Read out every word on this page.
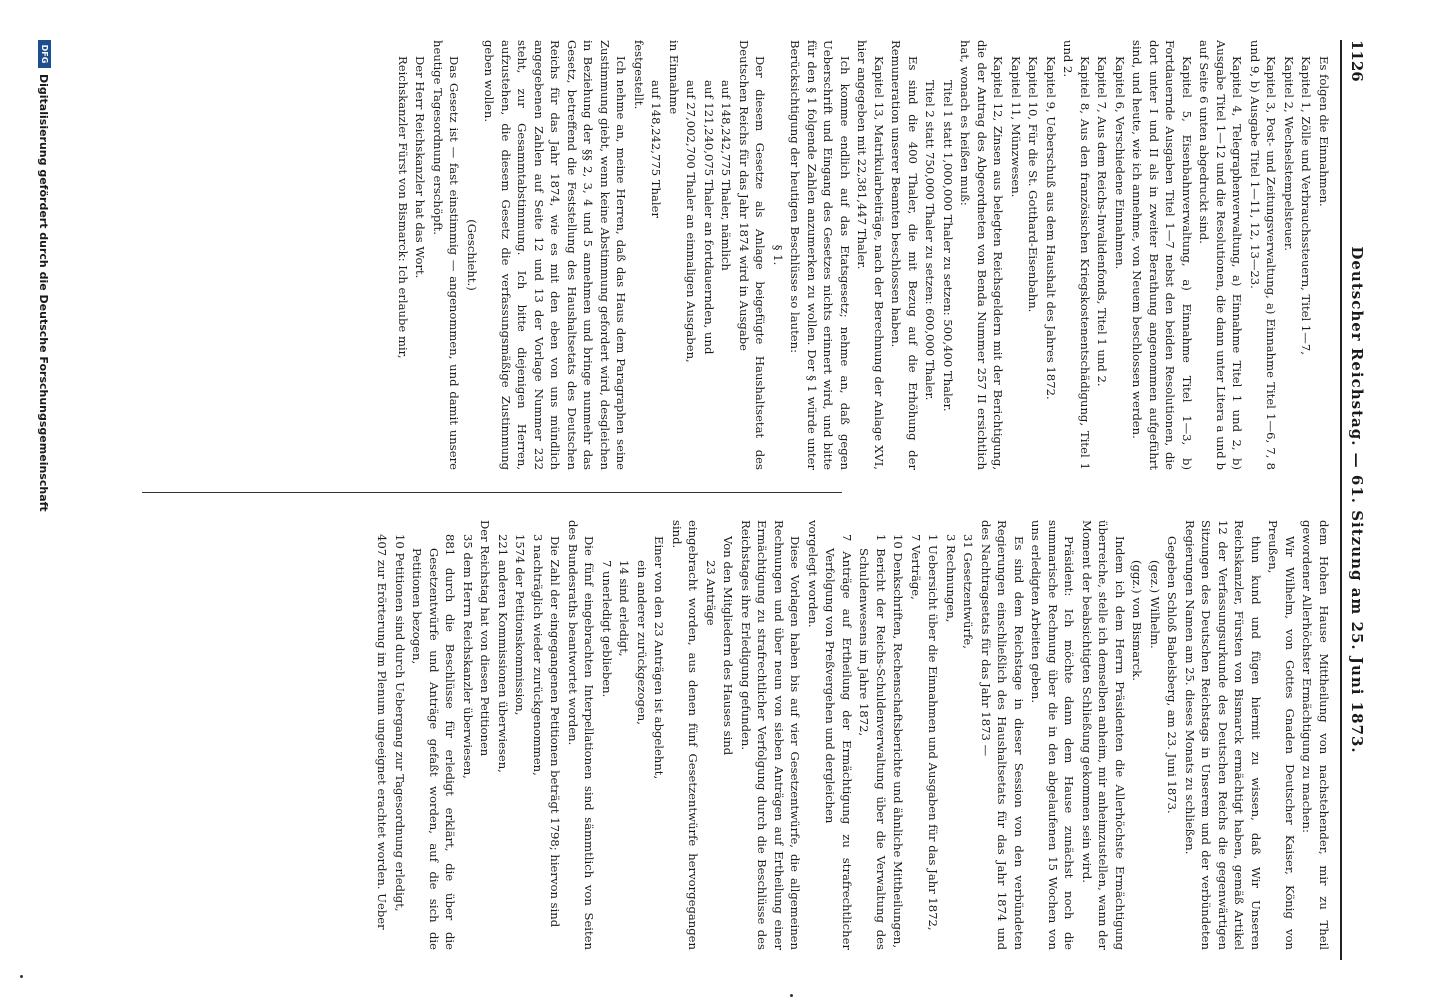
1126
Deutscher Reichstag. — 61. Sitzung am 25. Juni 1873.

Es folgen die Einnahmen.

Kapitel 1, Zölle und Verbrauchssteuern, Titel 1—7,

Kapitel 2, Wechselstempelsteuer.

Kapitel 3, Post- und Zeitungsverwaltung, a) Einnahme Titel 1—6, 7, 8 und 9, b) Ausgabe Titel 1—11, 12, 13—23.

Kapitel 4, Telegraphenverwaltung, a) Einnahme Titel 1 und 2, b) Ausgabe Titel 1—12 und die Resolutionen, die dann unter Litera a und b auf Seite 6 unten abgedruckt sind.

Kapitel 5, Eisenbahnverwaltung, a) Einnahme Titel 1—3, b) Fortdauernde Ausgaben Titel 1—7 nebst den beiden Resolutionen, die dort unter I und II als in zweiter Berathung angenommen aufgeführt sind, und heute, wie ich annehme, von Neuem beschlossen werden.

Kapitel 6, Verschiedene Einnahmen.

Kapitel 7, Aus dem Reichs-Invalidenfonds, Titel 1 und 2.

Kapitel 8, Aus den französischen Kriegskostenentschädigung, Titel 1 und 2.

Kapitel 9, Ueberschuß aus dem Haushalt des Jahres 1872.

Kapitel 10, Für die St. Gotthard-Eisenbahn.

Kapitel 11, Münzwesen.

Kapitel 12, Zinsen aus belegten Reichsgeldern mit der Berichtigung, die der Antrag des Abgeordneten von Benda Nummer 257 II ersichtlich hat, wonach es heißen muß:

Titel 1 statt 1,000,000 Thaler zu setzen: 500,400 Thaler.

Titel 2 statt 750,000 Thaler zu setzen: 600,000 Thaler.

Es sind die 400 Thaler, die mit Bezug auf die Erhöhung der Remuneration unserer Beamten beschlossen haben.

Kapitel 13, Matrikularbeiträge, nach der Berechnung der Anlage XVI, hier angegeben mit 22,381,447 Thaler.

Ich komme endlich auf das Etatsgesetz; nehme an, daß gegen Ueberschrift und Eingang des Gesetzes nichts erinnert wird, und bitte für den § 1 folgende Zahlen anzumerken zu wollen. Der § 1 würde unter Berücksichtigung der heutigen Beschlüsse so lauten:

§ 1.

Der diesem Gesetze als Anlage beigefügte Haushaltsetat des Deutschen Reichs für das Jahr 1874 wird in Ausgabe

auf 148,242,775 Thaler, nämlich

auf 121,240,075 Thaler an fortdauernden, und

auf 27,002,700 Thaler an einmaligen Ausgaben,

in Einnahme

auf 148,242,775 Thaler

festgestellt.

Ich nehme an, meine Herren, daß das Haus dem Paragraphen seine Zustimmung giebt, wenn keine Abstimmung gefordert wird, desgleichen in Beziehung der §§ 2, 3, 4 und 5 annehmen und bringe nunmehr das Gesetz, betreffend die Feststellung des Haushaltsetats des Deutschen Reichs für das Jahr 1874, wie es mit den eben von uns mündlich angegebenen Zahlen auf Seite 12 und 13 der Vorlage Nummer 232 steht, zur Gesammtabstimmung. Ich bitte diejenigen Herren, aufzustehen, die diesem Gesetz die verfassungsmäßige Zustimmung geben wollen.

(Geschieht.)

Das Gesetz ist — fast einstimmig — angenommen, und damit unsere heutige Tagesordnung erschöpft.

Der Herr Reichskanzler hat das Wort.

Reichskanzler Fürst von Bismarck: Ich erlaube mir,

dem Hohen Hause Mittheilung von nachstehender, mir zu Theil gewordener Allerhöchster Ermächtigung zu machen:

Wir Wilhelm, von Gottes Gnaden Deutscher Kaiser, König von Preußen,

thun kund und fügen hiermit zu wissen, daß Wir Unseren Reichskanzler, Fürsten von Bismarck ermächtigt haben, gemäß Artikel 12 der Verfassungsurkunde des Deutschen Reichs die gegenwärtigen Sitzungen des Deutschen Reichstags in Unserem und der verbündeten Regierungen Namen am 25. dieses Monats zu schließen.

Gegeben Schloß Babelsberg, am 23. Juni 1873.

(gez.) Wilhelm.

(ggz.) von Bismarck.

Indem ich dem Herrn Präsidenten die Allerhöchste Ermächtigung überreiche, stelle ich demselben anheim, mir anheimzustellen, wann der Moment der beabsichtigten Schließung gekommen sein wird.

Präsident: Ich möchte dann dem Hause zunächst noch die summarische Rechnung über die in den abgelaufenen 15 Wochen von uns erledigten Arbeiten geben.

Es sind dem Reichstage in dieser Session von den verbündeten Regierungen einschließlich des Haushaltsetats für das Jahr 1874 und des Nachtragsetats für das Jahr 1873 —

31 Gesetzentwürfe,

3 Rechnungen,

1 Uebersicht über die Einnahmen und Ausgaben für das Jahr 1872,

7 Verträge,

10 Denkschriften, Rechenschaftsberichte und ähnliche Mittheilungen,

1 Bericht der Reichs-Schuldenverwaltung über die Verwaltung des Schuldenwesens im Jahre 1872,

7 Anträge auf Ertheilung der Ermächtigung zu strafrechtlicher Verfolgung von Preßvergehen und dergleichen

vorgelegt worden.

Diese Vorlagen haben bis auf vier Gesetzentwürfe, die allgemeinen Rechnungen und über neun von sieben Anträgen auf Ertheilung einer Ermächtigung zu strafrechtlicher Verfolgung durch die Beschlüsse des Reichstages ihre Erledigung gefunden.

Von den Mitgliedern des Hauses sind

23 Anträge

eingebracht worden, aus denen fünf Gesetzentwürfe hervorgegangen sind.

Einer von den 23 Anträgen ist abgelehnt,

ein anderer zurückgezogen,

14 sind erledigt,

7 unerledigt geblieben.

Die fünf eingebrachten Interpellationen sind sämmtlich von Seiten des Bundesraths beantwortet worden.

Die Zahl der eingegangenen Petitionen beträgt 1798; hiervon sind

3 nachträglich wieder zurückgenommen,

1574 der Petitionskommission,

221 anderen Kommissionen überwiesen,

Der Reichstag hat von diesen Petitionen

35 dem Herrn Reichskanzler überwiesen,

881 durch die Beschlüsse für erledigt erklärt, die über die Gesetzentwürfe und Anträge gefaßt worden, auf die sich die Petitionen bezogen,

10 Petitionen sind durch Uebergang zur Tagesordnung erledigt,

407 zur Erörterung im Plenum ungeeignet erachtet worden. Ueber

DFG
Digitalisierung gefördert durch die Deutsche Forschungsgemeinschaft
